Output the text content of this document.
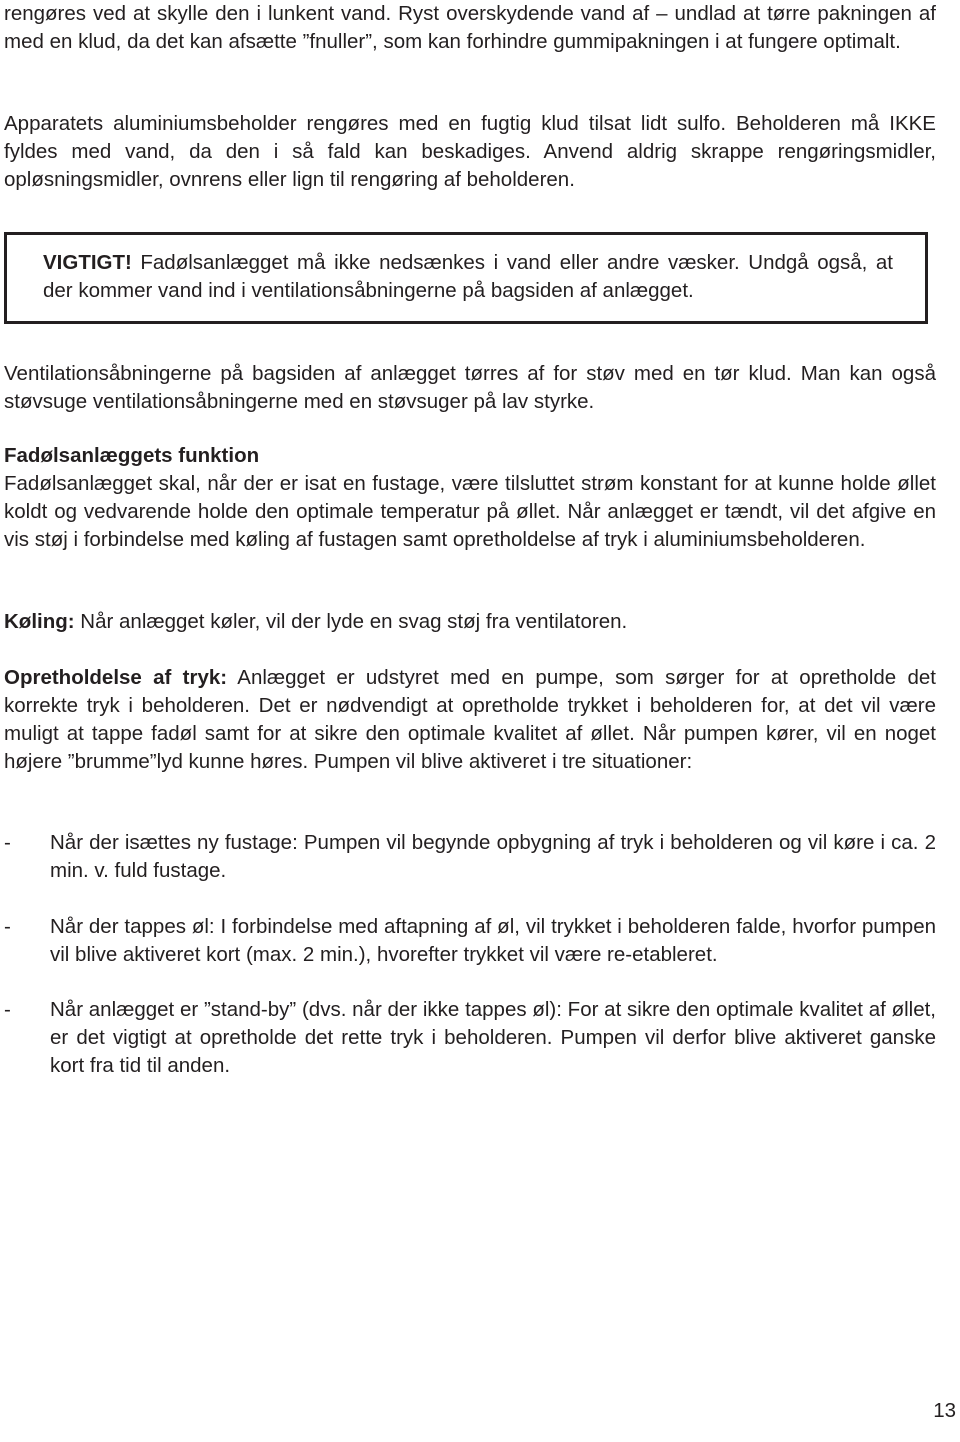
rengøres ved at skylle den i lunkent vand. Ryst overskydende vand af – undlad at tørre pakningen af med en klud, da det kan afsætte ”fnuller”, som kan forhindre gummipakningen i at fungere optimalt.

Apparatets aluminiumsbeholder rengøres med en fugtig klud tilsat lidt sulfo. Beholderen må IKKE fyldes med vand, da den i så fald kan beskadiges. Anvend aldrig skrappe rengøringsmidler, opløsningsmidler, ovnrens eller lign til rengøring af beholderen.

VIGTIGT! Fadølsanlægget må ikke nedsænkes i vand eller andre væsker. Undgå også, at der kommer vand ind i ventilationsåbningerne på bagsiden af anlægget.

Ventilationsåbningerne på bagsiden af anlægget tørres af for støv med en tør klud. Man kan også støvsuge ventilationsåbningerne med en støvsuger på lav styrke.

Fadølsanlæggets funktion

Fadølsanlægget skal, når der er isat en fustage, være tilsluttet strøm konstant for at kunne holde øllet koldt og vedvarende holde den optimale temperatur på øllet. Når anlægget er tændt, vil det afgive en vis støj i forbindelse med køling af fustagen samt opretholdelse af tryk i aluminiumsbeholderen.

Køling: Når anlægget køler, vil der lyde en svag støj fra ventilatoren.

Opretholdelse af tryk: Anlægget er udstyret med en pumpe, som sørger for at opretholde det korrekte tryk i beholderen. Det er nødvendigt at opretholde trykket i beholderen for, at det vil være muligt at tappe fadøl samt for at sikre den optimale kvalitet af øllet. Når pumpen kører, vil en noget højere ”brumme”lyd kunne høres. Pumpen vil blive aktiveret i tre situationer:

- Når der isættes ny fustage: Pumpen vil begynde opbygning af tryk i beholderen og vil køre i ca. 2 min. v. fuld fustage.

- Når der tappes øl: I forbindelse med aftapning af øl, vil trykket i beholderen falde, hvorfor pumpen vil blive aktiveret kort (max. 2 min.), hvorefter trykket vil være re-etableret.

- Når anlægget er ”stand-by” (dvs. når der ikke tappes øl): For at sikre den optimale kvalitet af øllet, er det vigtigt at opretholde det rette tryk i beholderen. Pumpen vil derfor blive aktiveret ganske kort fra tid til anden.

13
